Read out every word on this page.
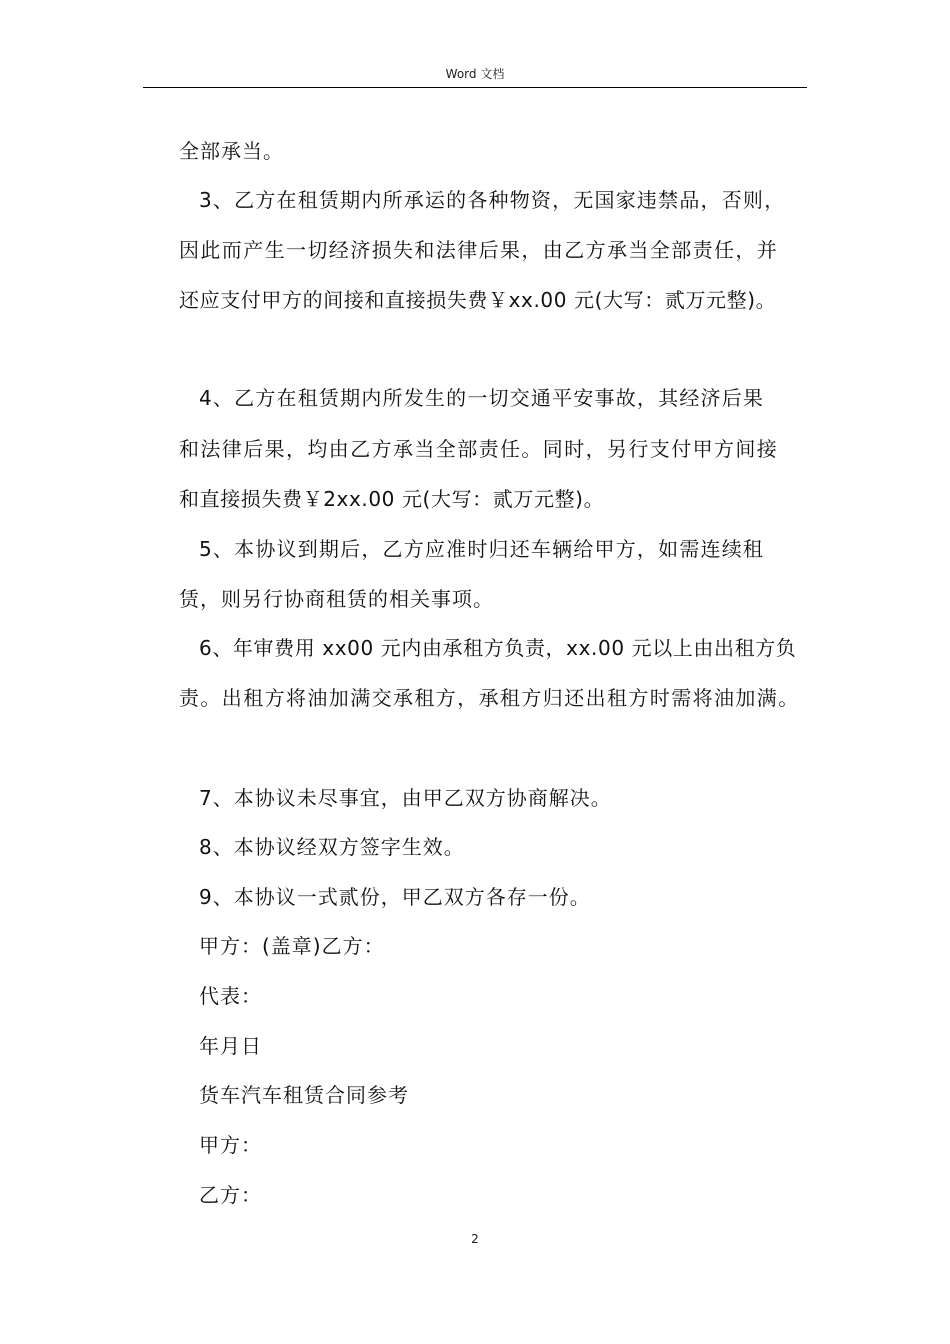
Word 文档
全部承当。
3、乙方在租赁期内所承运的各种物资，无国家违禁品，否则，
因此而产生一切经济损失和法律后果，由乙方承当全部责任，并
还应支付甲方的间接和直接损失费￥xx.00 元(大写：贰万元整)。
4、乙方在租赁期内所发生的一切交通平安事故，其经济后果
和法律后果，均由乙方承当全部责任。同时，另行支付甲方间接
和直接损失费￥2xx.00 元(大写：贰万元整)。
5、本协议到期后，乙方应准时归还车辆给甲方，如需连续租
赁，则另行协商租赁的相关事项。
6、年审费用 xx00 元内由承租方负责，xx.00 元以上由出租方负
责。出租方将油加满交承租方，承租方归还出租方时需将油加满。
7、本协议未尽事宜，由甲乙双方协商解决。
8、本协议经双方签字生效。
9、本协议一式贰份，甲乙双方各存一份。
甲方：(盖章)乙方：
代表：
年月日
货车汽车租赁合同参考
甲方：
乙方：
2
